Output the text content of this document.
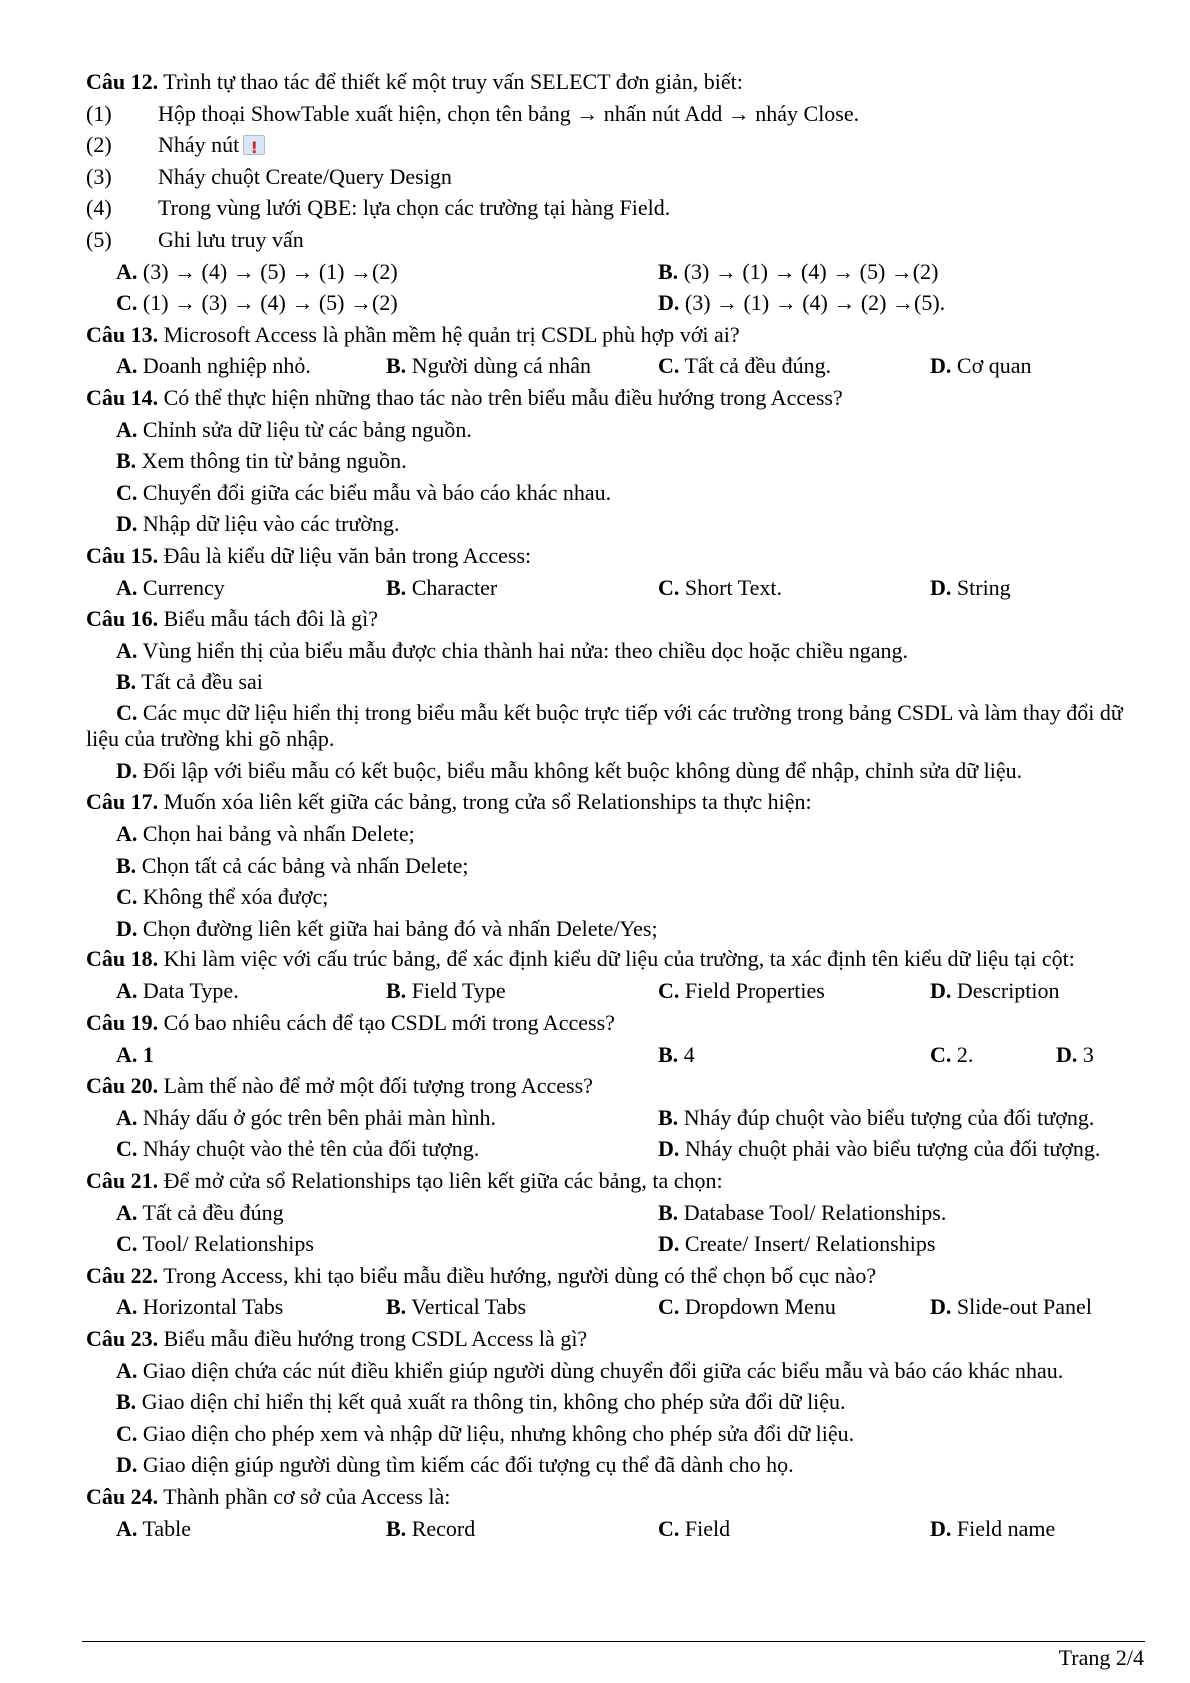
Câu 12. Trình tự thao tác để thiết kế một truy vấn SELECT đơn giản, biết:
(1) Hộp thoại ShowTable xuất hiện, chọn tên bảng → nhấn nút Add → nháy Close.
(2) Nháy nút!
(3) Nháy chuột Create/Query Design
(4) Trong vùng lưới QBE: lựa chọn các trường tại hàng Field.
(5) Ghi lưu truy vấn
A. (3) → (4) → (5) → (1) →(2)	B. (3) → (1) → (4) → (5) →(2)
C. (1) → (3) → (4) → (5) →(2)	D. (3) → (1) → (4) → (2) →(5).
Câu 13. Microsoft Access là phần mềm hệ quản trị CSDL phù hợp với ai?
A. Doanh nghiệp nhỏ.	B. Người dùng cá nhân	C. Tất cả đều đúng.	D. Cơ quan
Câu 14. Có thể thực hiện những thao tác nào trên biểu mẫu điều hướng trong Access?
A. Chỉnh sửa dữ liệu từ các bảng nguồn.
B. Xem thông tin từ bảng nguồn.
C. Chuyển đổi giữa các biểu mẫu và báo cáo khác nhau.
D. Nhập dữ liệu vào các trường.
Câu 15. Đâu là kiểu dữ liệu văn bản trong Access:
A. Currency	B. Character	C. Short Text.	D. String
Câu 16. Biểu mẫu tách đôi là gì?
A. Vùng hiển thị của biểu mẫu được chia thành hai nửa: theo chiều dọc hoặc chiều ngang.
B. Tất cả đều sai
C. Các mục dữ liệu hiển thị trong biểu mẫu kết buộc trực tiếp với các trường trong bảng CSDL và làm thay đổi dữ liệu của trường khi gõ nhập.
D. Đối lập với biểu mẫu có kết buộc, biểu mẫu không kết buộc không dùng để nhập, chỉnh sửa dữ liệu.
Câu 17. Muốn xóa liên kết giữa các bảng, trong cửa sổ Relationships ta thực hiện:
A. Chọn hai bảng và nhấn Delete;
B. Chọn tất cả các bảng và nhấn Delete;
C. Không thể xóa được;
D. Chọn đường liên kết giữa hai bảng đó và nhấn Delete/Yes;
Câu 18. Khi làm việc với cấu trúc bảng, để xác định kiểu dữ liệu của trường, ta xác định tên kiểu dữ liệu tại cột:
A. Data Type.	B. Field Type	C. Field Properties	D. Description
Câu 19. Có bao nhiêu cách để tạo CSDL mới trong Access?
A. 1	B. 4	C. 2.	D. 3
Câu 20. Làm thế nào để mở một đối tượng trong Access?
A. Nháy dấu ở góc trên bên phải màn hình.	B. Nháy đúp chuột vào biểu tượng của đối tượng.
C. Nháy chuột vào thẻ tên của đối tượng.	D. Nháy chuột phải vào biểu tượng của đối tượng.
Câu 21. Để mở cửa sổ Relationships tạo liên kết giữa các bảng, ta chọn:
A. Tất cả đều đúng	B. Database Tool/ Relationships.
C. Tool/ Relationships	D. Create/ Insert/ Relationships
Câu 22. Trong Access, khi tạo biểu mẫu điều hướng, người dùng có thể chọn bố cục nào?
A. Horizontal Tabs	B. Vertical Tabs	C. Dropdown Menu	D. Slide-out Panel
Câu 23. Biểu mẫu điều hướng trong CSDL Access là gì?
A. Giao diện chứa các nút điều khiển giúp người dùng chuyển đổi giữa các biểu mẫu và báo cáo khác nhau.
B. Giao diện chỉ hiển thị kết quả xuất ra thông tin, không cho phép sửa đổi dữ liệu.
C. Giao diện cho phép xem và nhập dữ liệu, nhưng không cho phép sửa đổi dữ liệu.
D. Giao diện giúp người dùng tìm kiếm các đối tượng cụ thể đã dành cho họ.
Câu 24. Thành phần cơ sở của Access là:
A. Table	B. Record	C. Field	D. Field name
Trang 2/4
